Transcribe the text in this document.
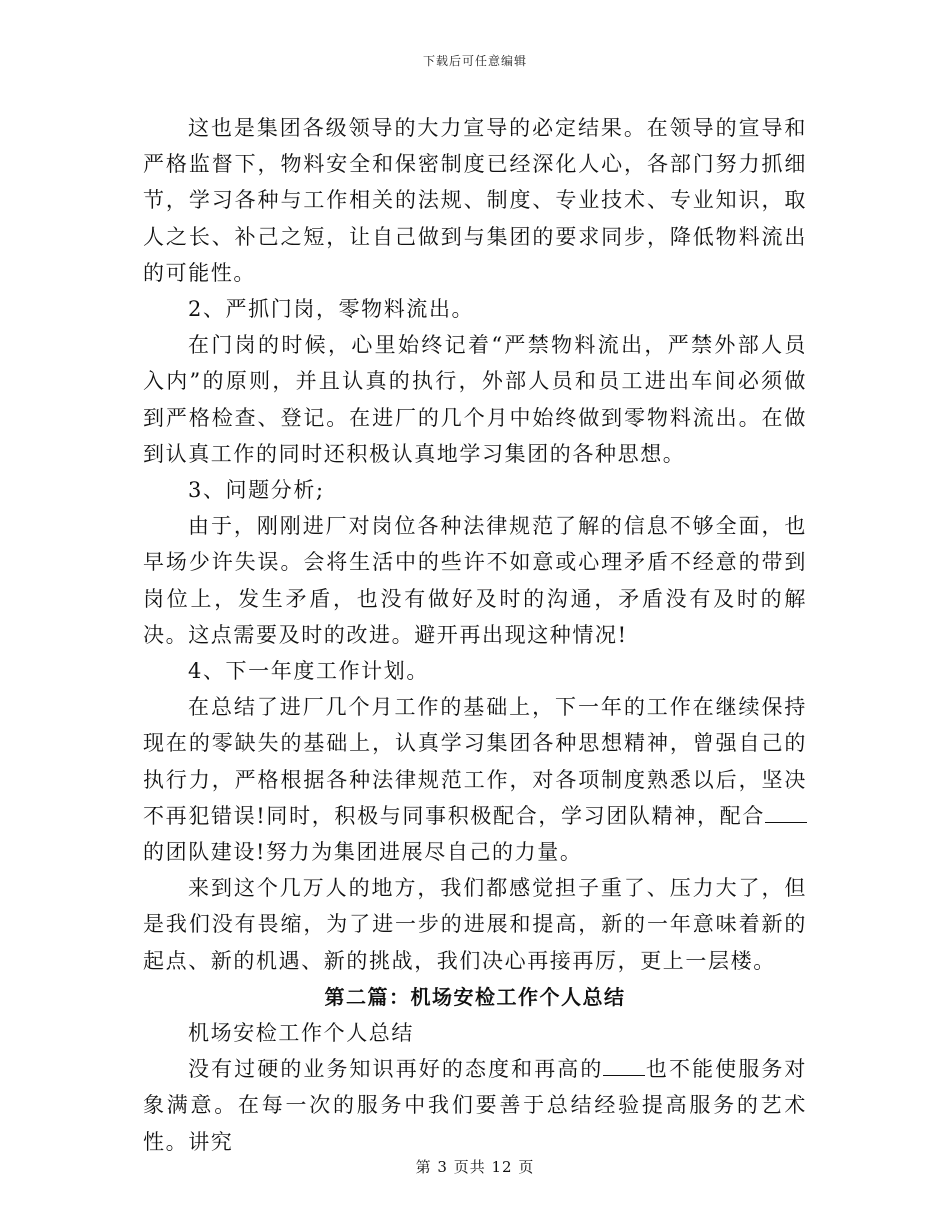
下载后可任意编辑

这也是集团各级领导的大力宣导的必定结果。在领导的宣导和严格监督下，物料安全和保密制度已经深化人心，各部门努力抓细节，学习各种与工作相关的法规、制度、专业技术、专业知识，取人之长、补己之短，让自己做到与集团的要求同步，降低物料流出的可能性。

2、严抓门岗，零物料流出。

在门岗的时候，心里始终记着“严禁物料流出，严禁外部人员入内”的原则，并且认真的执行，外部人员和员工进出车间必须做到严格检查、登记。在进厂的几个月中始终做到零物料流出。在做到认真工作的同时还积极认真地学习集团的各种思想。

3、问题分析;

由于，刚刚进厂对岗位各种法律规范了解的信息不够全面，也早场少许失误。会将生活中的些许不如意或心理矛盾不经意的带到岗位上，发生矛盾，也没有做好及时的沟通，矛盾没有及时的解决。这点需要及时的改进。避开再出现这种情况!

4、下一年度工作计划。

在总结了进厂几个月工作的基础上，下一年的工作在继续保持现在的零缺失的基础上，认真学习集团各种思想精神，曾强自己的执行力，严格根据各种法律规范工作，对各项制度熟悉以后，坚决不再犯错误!同时，积极与同事积极配合，学习团队精神，配合的团队建设!努力为集团进展尽自己的力量。

来到这个几万人的地方，我们都感觉担子重了、压力大了，但是我们没有畏缩，为了进一步的进展和提高，新的一年意味着新的起点、新的机遇、新的挑战，我们决心再接再厉，更上一层楼。

第二篇：机场安检工作个人总结

机场安检工作个人总结

没有过硬的业务知识再好的态度和再高的 也不能使服务对象满意。在每一次的服务中我们要善于总结经验提高服务的艺术性。讲究

第 3 页共 12 页
